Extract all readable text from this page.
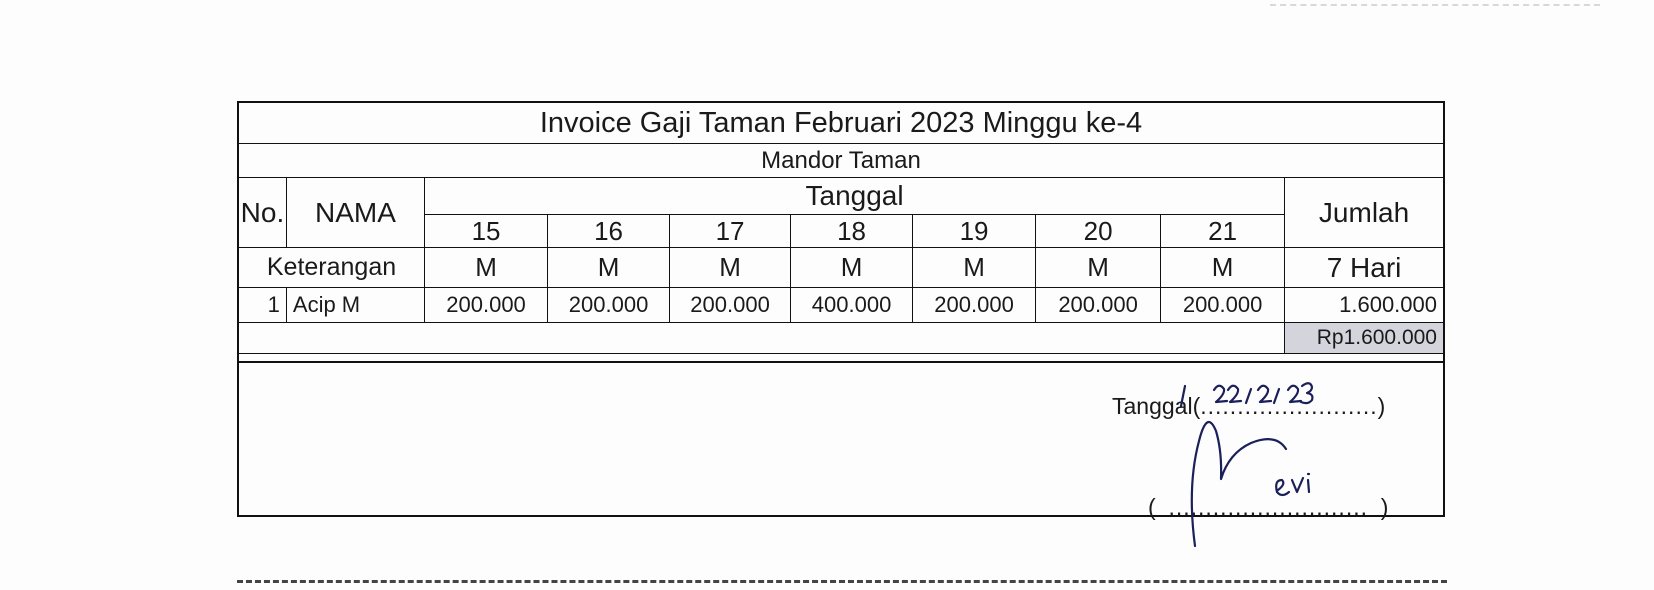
Invoice Gaji Taman Februari 2023 Minggu ke-4									
Mandor Taman									
No.	NAMA	Tanggal							Jumlah
		15	16	17	18	19	20	21	
Keterangan		M	M	M	M	M	M	M	7 Hari
1	Acip M	200.000	200.000	200.000	400.000	200.000	200.000	200.000	1.600.000
									Rp1.600.000
Tanggal(........................)
( ........................... )
